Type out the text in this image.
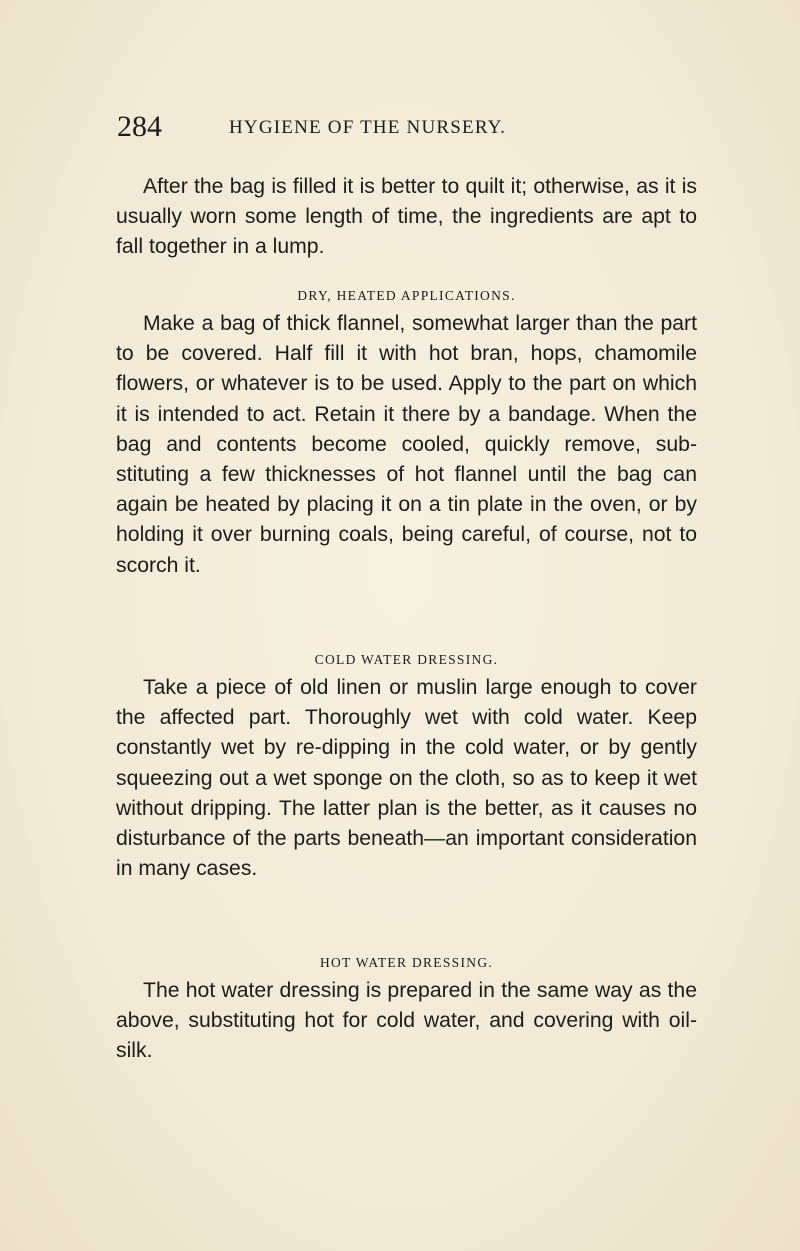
284	HYGIENE OF THE NURSERY.

After the bag is filled it is better to quilt it; otherwise, as it is usually worn some length of time, the ingredients are apt to fall together in a lump.

DRY, HEATED APPLICATIONS.

Make a bag of thick flannel, somewhat larger than the part to be covered. Half fill it with hot bran, hops, chamomile flowers, or whatever is to be used. Apply to the part on which it is intended to act. Retain it there by a bandage. When the bag and contents become cooled, quickly remove, sub-stituting a few thicknesses of hot flannel until the bag can again be heated by placing it on a tin plate in the oven, or by holding it over burning coals, being careful, of course, not to scorch it.

COLD WATER DRESSING.

Take a piece of old linen or muslin large enough to cover the affected part. Thoroughly wet with cold water. Keep constantly wet by re-dipping in the cold water, or by gently squeezing out a wet sponge on the cloth, so as to keep it wet without dripping. The latter plan is the better, as it causes no disturbance of the parts beneath—an important consideration in many cases.

HOT WATER DRESSING.

The hot water dressing is prepared in the same way as the above, substituting hot for cold water, and covering with oil-silk.
